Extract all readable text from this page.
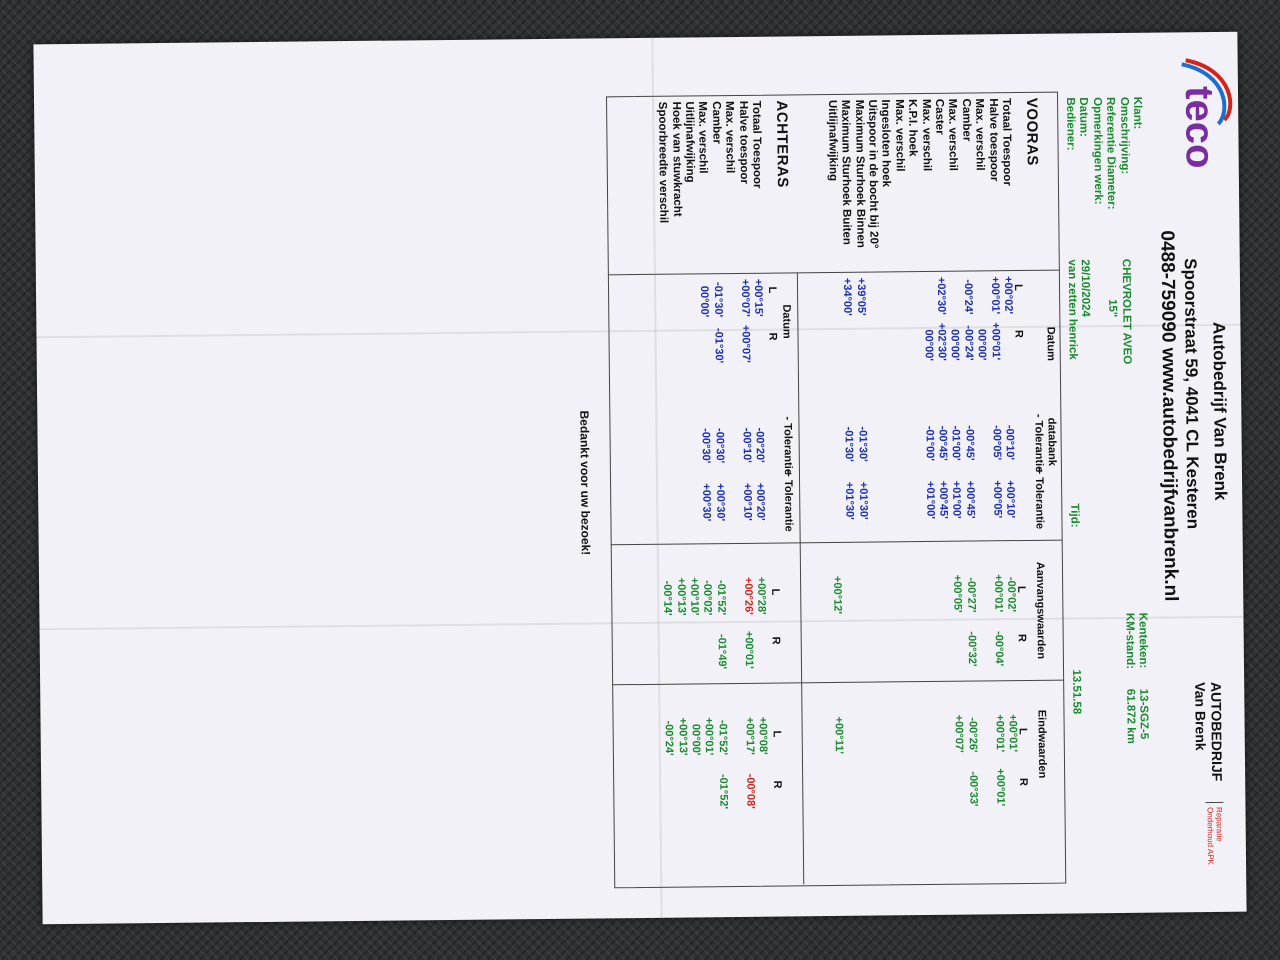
teco
Autobedrijf Van Brenk
Spoorstraat 59, 4041 CL Kesteren
0488-759090 www.autobedrijfvanbrenk.nl
AUTOBEDRIJF Van Brenk
Reparatie Onderhoud APK
Klant:
Omschrijving:
Referentie Diameter:
Opmerkingen werk:
Datum:
Bediener:
CHEVROLET AVEO
15"
29/10/2024
van zetten henrick
Tijd:
13.51.58
Kenteken:
KM-stand:
13-SGZ-5
61.872 km
Datum
databank
- Tolerantie
+ Tolerantie
Aanvangswaarden
Eindwaarden
L
R
L
R
L
R
VOORAS
Totaal Toespoor
Halve toespoor
Max. verschil
Camber
Max. verschil
Caster
Max. verschil
K.P.I. hoek
Max. verschil
Ingesloten hoek
Uitspoor in de bocht bij 20°
Maximum Sturhoek Binnen
Maximum Sturhoek Buiten
Uitlijnafwijking
+00°02'
+00°01'
-00°24'
+02°30'
+39°05'
+34°00'
+00°01'
00°00'
-00°24'
00°00'
+02°30'
00°00'
-00°10'
-00°05'
-00°45'
-01°00'
-00°45'
-01°00'
-01°30'
-01°30'
+00°10'
+00°05'
+00°45'
+01°00'
+00°45'
+01°00'
+01°30'
+01°30'
-00°02'
+00°01'
-00°27'
+00°05'
+00°12'
-00°04'
-00°32'
+00°01'
+00°01'
-00°26'
+00°07'
+00°11'
+00°01'
-00°33'
ACHTERAS
Datum
- Tolerantie
+ Tolerantie
L
R
L
R
L
R
Totaal Toespoor
Halve toespoor
Max. verschil
Camber
Max. verschil
Uitlijnafwijking
Hoek van stuwkracht
Spoorbreedte verschil
+00°15'
+00°07'
-01°30'
00°00'
+00°07'
-01°30'
-00°20'
-00°10'
-00°30'
-00°30'
+00°20'
+00°10'
+00°30'
+00°30'
+00°28'
+00°26'
-01°52'
-00°02'
+00°10'
+00°13'
-00°14'
+00°01'
-01°49'
+00°08'
+00°17'
-01°52'
+00°01'
00°00'
+00°13'
-00°24'
-00°08'
-01°52'
Bedankt voor uw bezoek!
